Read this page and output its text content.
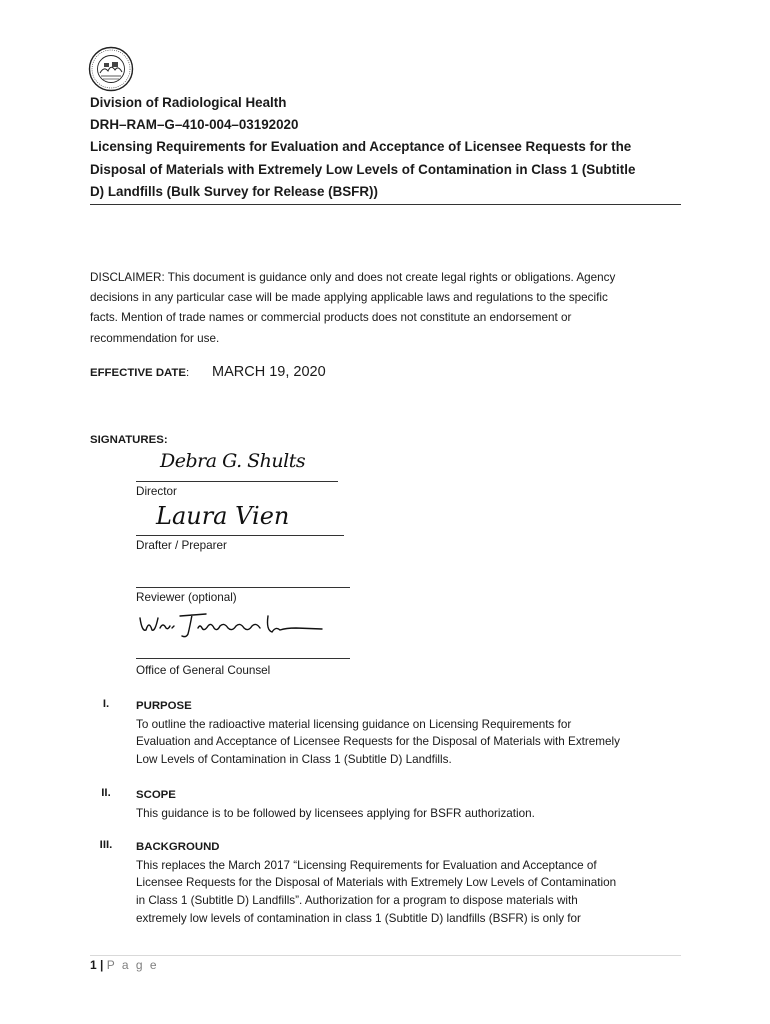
Division of Radiological Health
DRH–RAM–G–410-004–03192020
Licensing Requirements for Evaluation and Acceptance of Licensee Requests for the
Disposal of Materials with Extremely Low Levels of Contamination in Class 1 (Subtitle
D) Landfills (Bulk Survey for Release (BSFR))
DISCLAIMER: This document is guidance only and does not create legal rights or obligations. Agency
decisions in any particular case will be made applying applicable laws and regulations to the specific
facts. Mention of trade names or commercial products does not constitute an endorsement or
recommendation for use.
EFFECTIVE DATE: MARCH 19, 2020
SIGNATURES:
Debra G. Shults
Director
Laura Vien
Drafter / Preparer
Reviewer (optional)
Office of General Counsel
I.	PURPOSE
To outline the radioactive material licensing guidance on Licensing Requirements for
Evaluation and Acceptance of Licensee Requests for the Disposal of Materials with Extremely
Low Levels of Contamination in Class 1 (Subtitle D) Landfills.
II.	SCOPE
This guidance is to be followed by licensees applying for BSFR authorization.
III.	BACKGROUND
This replaces the March 2017 “Licensing Requirements for Evaluation and Acceptance of
Licensee Requests for the Disposal of Materials with Extremely Low Levels of Contamination
in Class 1 (Subtitle D) Landfills”. Authorization for a program to dispose materials with
extremely low levels of contamination in class 1 (Subtitle D) landfills (BSFR) is only for
1 | P a g e
